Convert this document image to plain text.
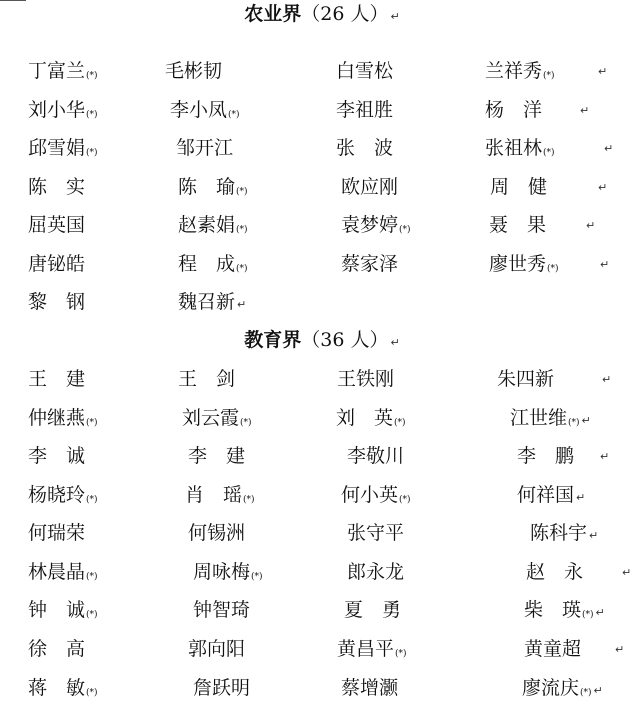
农业界（26 人） ↵
丁富兰(*)	毛彬韧	白雪松	兰祥秀(*)	↵
刘小华(*)	李小凤(*)	李祖胜	杨　洋	↵
邱雪娟(*)	邹开江	张　波	张祖林(*)	↵
陈　实	陈　瑜(*)	欧应刚	周　健	↵
屈英国	赵素娟(*)	袁梦婷(*)	聂　果	↵
唐铋皓	程　成(*)	蔡家泽	廖世秀(*)	↵
黎　钢	魏召新 ↵
教育界（36 人） ↵
王　建	王　剑	王铁刚	朱四新	↵
仲继燕(*)	刘云霞(*)	刘　英(*)	江世维(*) ↵
李　诚	李　建	李敬川	李　鹏 ↵
杨晓玲(*)	肖　瑶(*)	何小英(*)	何祥国 ↵
何瑞荣	何锡洲	张守平	陈科宇 ↵
林晨晶(*)	周咏梅(*)	郎永龙	赵　永	↵
钟　诚(*)	钟智琦	夏　勇	柴　瑛(*) ↵
徐　高	郭向阳	黄昌平(*)	黄童超	↵
蒋　敏(*)	詹跃明	蔡增灏	廖流庆(*) ↵
